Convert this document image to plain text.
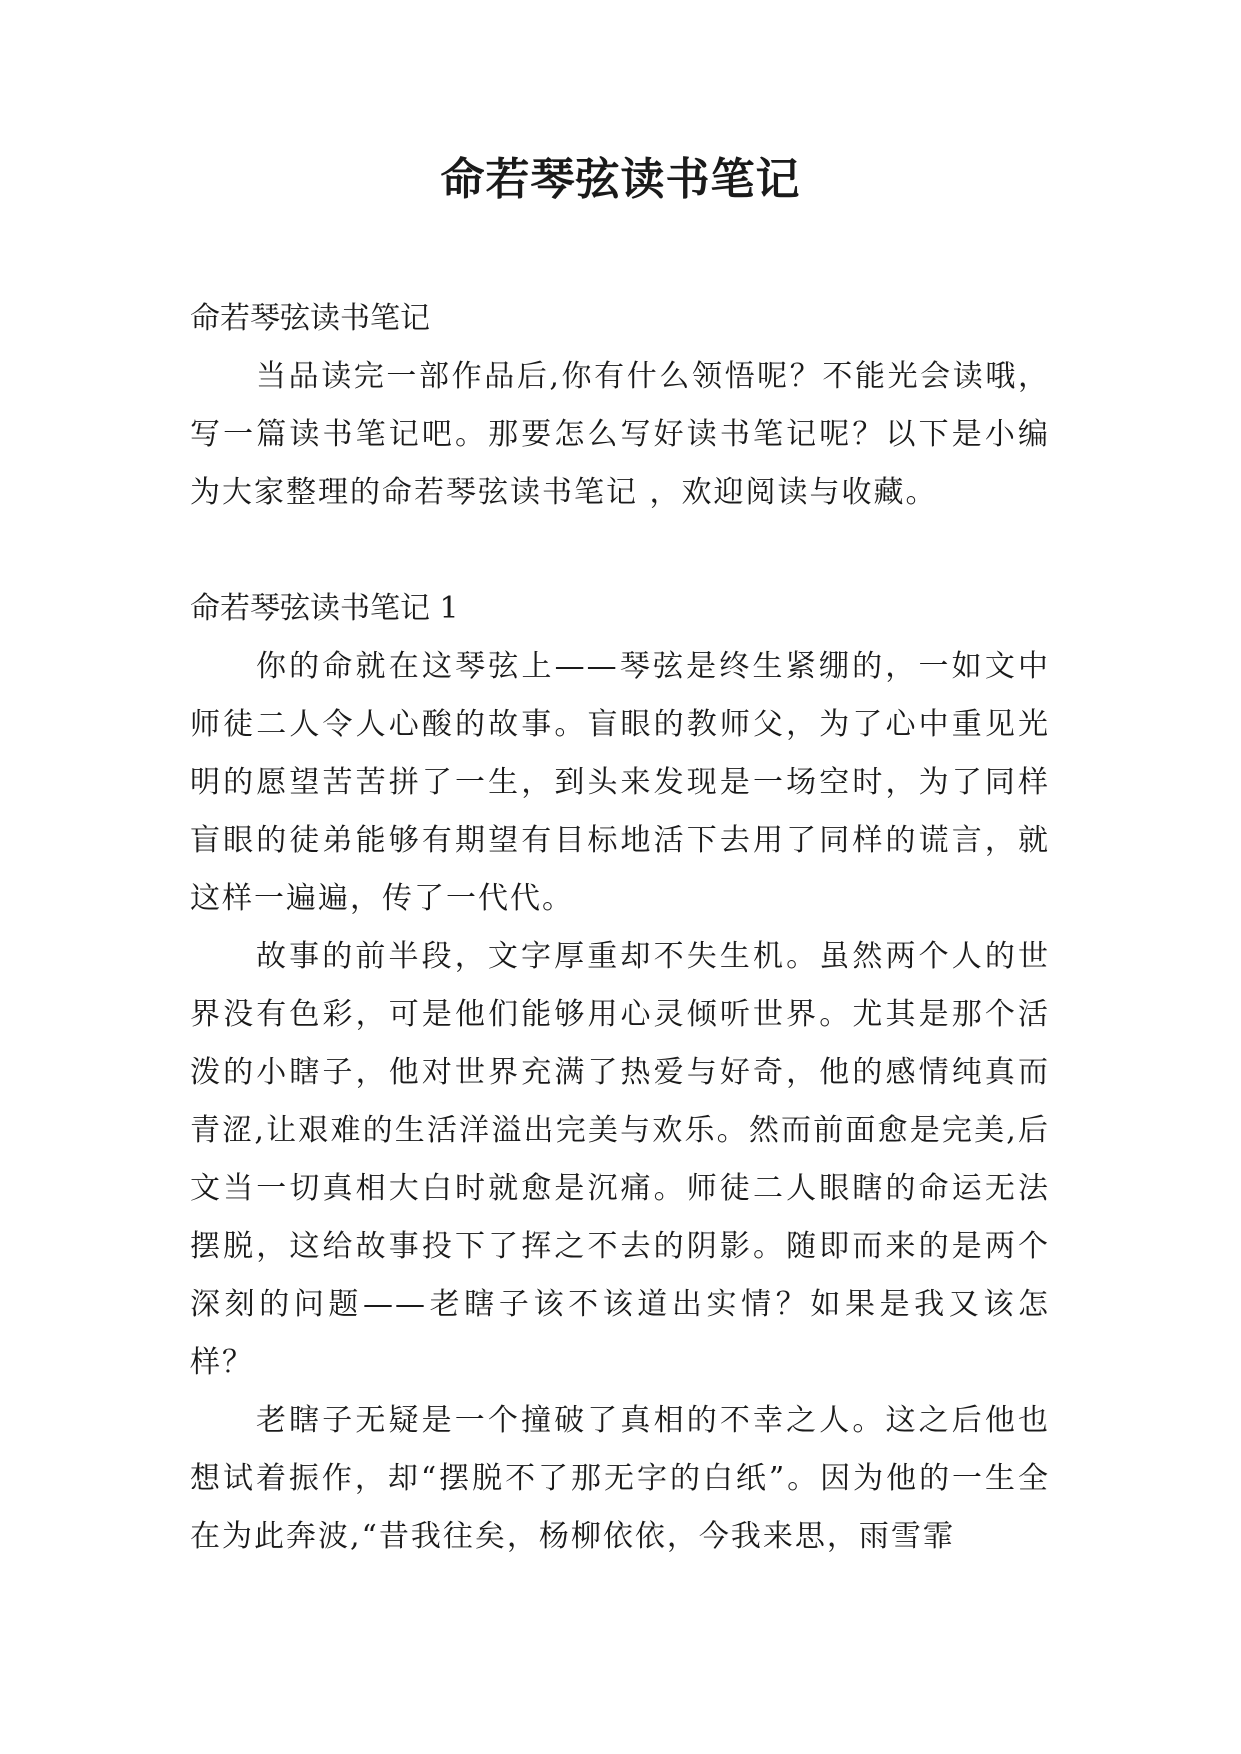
命若琴弦读书笔记

命若琴弦读书笔记

当品读完一部作品后,你有什么领悟呢？不能光会读哦，写一篇读书笔记吧。那要怎么写好读书笔记呢？以下是小编为大家整理的命若琴弦读书笔记 ，欢迎阅读与收藏。

命若琴弦读书笔记 1

你的命就在这琴弦上——琴弦是终生紧绷的，一如文中师徒二人令人心酸的故事。盲眼的教师父，为了心中重见光明的愿望苦苦拼了一生，到头来发现是一场空时，为了同样盲眼的徒弟能够有期望有目标地活下去用了同样的谎言，就这样一遍遍，传了一代代。

故事的前半段，文字厚重却不失生机。虽然两个人的世界没有色彩，可是他们能够用心灵倾听世界。尤其是那个活泼的小瞎子，他对世界充满了热爱与好奇，他的感情纯真而青涩,让艰难的生活洋溢出完美与欢乐。然而前面愈是完美,后文当一切真相大白时就愈是沉痛。师徒二人眼瞎的命运无法摆脱，这给故事投下了挥之不去的阴影。随即而来的是两个深刻的问题——老瞎子该不该道出实情？如果是我又该怎样？

老瞎子无疑是一个撞破了真相的不幸之人。这之后他也想试着振作，却“摆脱不了那无字的白纸”。因为他的一生全在为此奔波,“昔我往矣，杨柳依依，今我来思，雨雪霏
